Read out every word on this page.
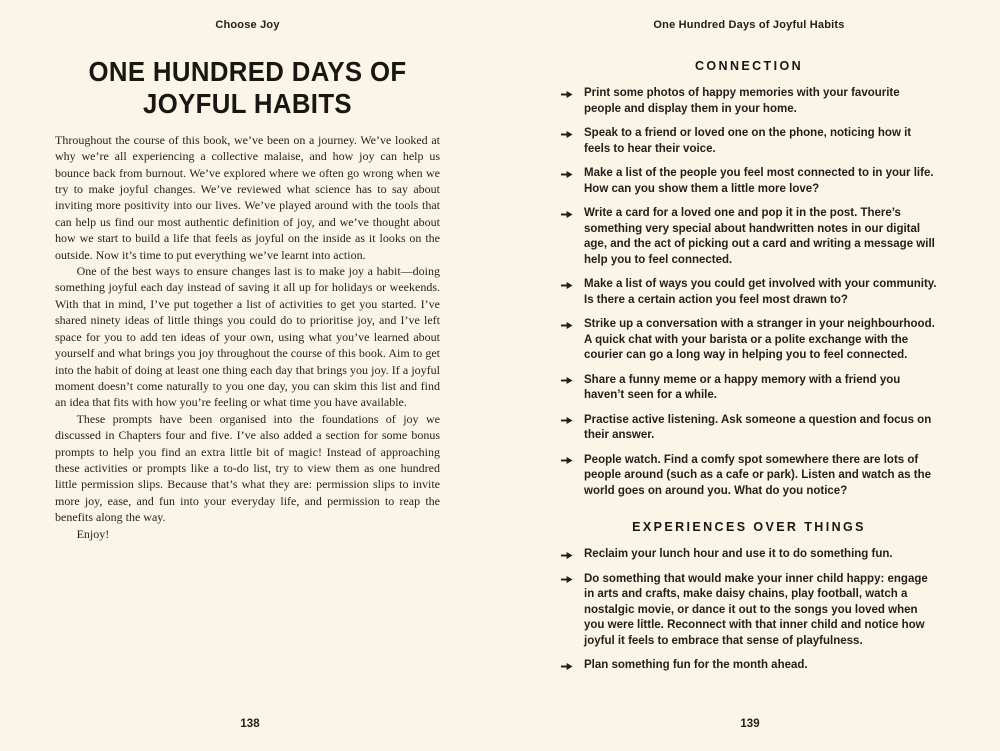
Choose Joy
ONE HUNDRED DAYS OF
JOYFUL HABITS

Throughout the course of this book, we’ve been on a journey. We’ve looked at why we’re all experiencing a collective malaise, and how joy can help us bounce back from burnout. We’ve explored where we often go wrong when we try to make joyful changes. We’ve reviewed what science has to say about inviting more positivity into our lives. We’ve played around with the tools that can help us find our most authentic definition of joy, and we’ve thought about how we start to build a life that feels as joyful on the inside as it looks on the outside. Now it’s time to put everything we’ve learnt into action.

One of the best ways to ensure changes last is to make joy a habit—doing something joyful each day instead of saving it all up for holidays or weekends. With that in mind, I’ve put together a list of activities to get you started. I’ve shared ninety ideas of little things you could do to prioritise joy, and I’ve left space for you to add ten ideas of your own, using what you’ve learned about yourself and what brings you joy throughout the course of this book. Aim to get into the habit of doing at least one thing each day that brings you joy. If a joyful moment doesn’t come naturally to you one day, you can skim this list and find an idea that fits with how you’re feeling or what time you have available.

These prompts have been organised into the foundations of joy we discussed in Chapters four and five. I’ve also added a section for some bonus prompts to help you find an extra little bit of magic! Instead of approaching these activities or prompts like a to-do list, try to view them as one hundred little permission slips. Because that’s what they are: permission slips to invite more joy, ease, and fun into your everyday life, and permission to reap the benefits along the way.

Enjoy!

138
One Hundred Days of Joyful Habits
CONNECTION
Print some photos of happy memories with your favourite people and display them in your home.
Speak to a friend or loved one on the phone, noticing how it feels to hear their voice.
Make a list of the people you feel most connected to in your life. How can you show them a little more love?
Write a card for a loved one and pop it in the post. There’s something very special about handwritten notes in our digital age, and the act of picking out a card and writing a message will help you to feel connected.
Make a list of ways you could get involved with your community. Is there a certain action you feel most drawn to?
Strike up a conversation with a stranger in your neighbourhood. A quick chat with your barista or a polite exchange with the courier can go a long way in helping you to feel connected.
Share a funny meme or a happy memory with a friend you haven’t seen for a while.
Practise active listening. Ask someone a question and focus on their answer.
People watch. Find a comfy spot somewhere there are lots of people around (such as a cafe or park). Listen and watch as the world goes on around you. What do you notice?
EXPERIENCES OVER THINGS
Reclaim your lunch hour and use it to do something fun.
Do something that would make your inner child happy: engage in arts and crafts, make daisy chains, play football, watch a nostalgic movie, or dance it out to the songs you loved when you were little. Reconnect with that inner child and notice how joyful it feels to embrace that sense of playfulness.
Plan something fun for the month ahead.
139
